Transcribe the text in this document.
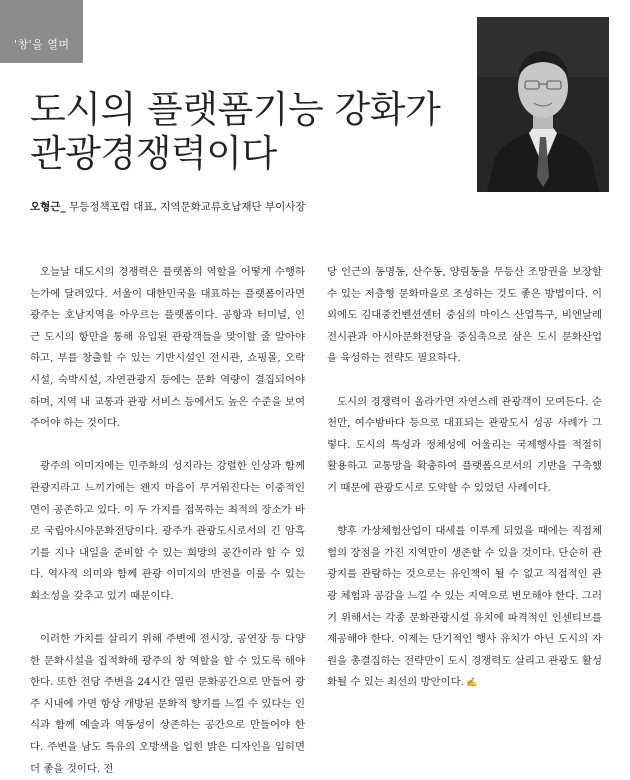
'창'을 열며
도시의 플랫폼기능 강화가
관광경쟁력이다
오형근_ 무등정책포럼 대표, 지역문화교류호남재단 부이사장

오늘날 대도시의 경쟁력은 플랫폼의 역할을 어떻게 수행하는가에 달려있다. 서울이 대한민국을 대표하는 플랫폼이라면 광주는 호남지역을 아우르는 플랫폼이다. 공항과 터미널, 인근 도시의 항만을 통해 유입된 관광객들을 맞이할 줄 알아야 하고, 부를 창출할 수 있는 기반시설인 전시관, 쇼핑몰, 오락시설, 숙박시설, 자연관광지 등에는 문화 역량이 결집되어야 하며, 지역 내 교통과 관광 서비스 등에서도 높은 수준을 보여주어야 하는 것이다.

광주의 이미지에는 민주화의 성지라는 강렬한 인상과 함께 관광지라고 느끼기에는 왠지 마음이 무거워진다는 이중적인 면이 공존하고 있다. 이 두 가지를 접목하는 최적의 장소가 바로 국립아시아문화전당이다. 광주가 관광도시로서의 긴 암흑기를 지나 내일을 준비할 수 있는 희망의 공간이라 할 수 있다. 역사적 의미와 함께 관광 이미지의 반전을 이룰 수 있는 회소성을 갖추고 있기 때문이다.

이러한 가치를 살리기 위해 주변에 전시장, 공연장 등 다양한 문화시설을 집적화해 광주의 창 역할을 할 수 있도록 해야 한다. 또한 전당 주변을 24시간 열린 문화공간으로 만들어 광주 시내에 가면 항상 개방된 문화적 향기를 느낄 수 있다는 인식과 함께 예술과 역동성이 상존하는 공간으로 만들어야 한다. 주변을 남도 특유의 오방색을 입힌 밝은 디자인을 입히면 더 좋을 것이다. 전

당 인근의 동명동, 산수동, 양림동을 무등산 조망권을 보장할 수 있는 저층형 문화마을로 조성하는 것도 좋은 방법이다. 이외에도 김대중컨벤션센터 중심의 마이스 산업특구, 비엔날레 전시관과 아시아문화전당을 중심축으로 삼은 도시 문화산업을 육성하는 전략도 필요하다.

도시의 경쟁력이 올라가면 자연스레 관광객이 모여든다. 순천만, 여수밤바다 등으로 대표되는 관광도시 성공 사례가 그렇다. 도시의 특성과 정체성에 어울리는 국제행사를 적절히 활용하고 교통망을 확충하여 플랫폼으로서의 기반을 구축했기 때문에 관광도시로 도약할 수 있었던 사례이다.

향후 가상체험산업이 대세를 이루게 되었을 때에는 직접체험의 장점을 가진 지역만이 생존할 수 있을 것이다. 단순히 관광지를 관람하는 것으로는 유인책이 될 수 없고 직접적인 관광 체험과 공감을 느낄 수 있는 지역으로 변모해야 한다. 그러기 위해서는 각종 문화관광시설 유치에 파격적인 인센티브를 제공해야 한다. 이제는 단기적인 행사 유치가 아닌 도시의 자원을 총결집하는 전략만이 도시 경쟁력도 살리고 관광도 활성화될 수 있는 최선의 방안이다. ✍
